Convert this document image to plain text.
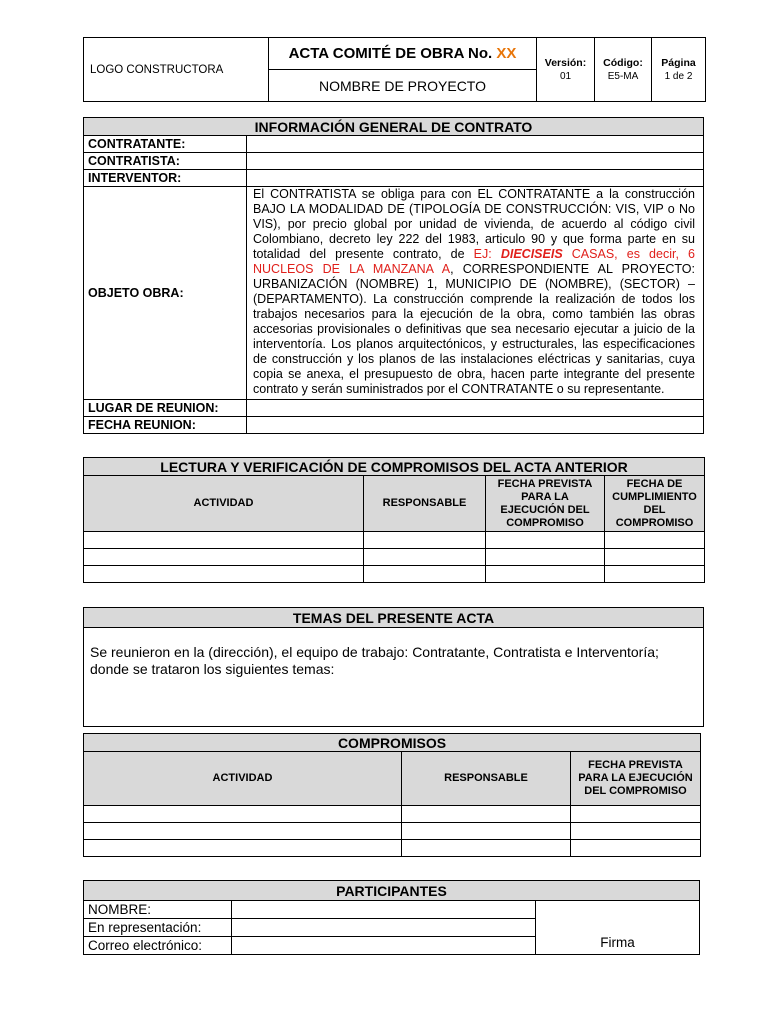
LOGO CONSTRUCTORA	ACTA COMITÉ DE OBRA No. XX	Versión:
01	Código:
E5-MA	Página
1 de 2
NOMBRE DE PROYECTO
INFORMACIÓN GENERAL DE CONTRATO	
CONTRATANTE:	
CONTRATISTA:	
INTERVENTOR:	
OBJETO OBRA:	El CONTRATISTA se obliga para con EL CONTRATANTE a la construcción BAJO LA MODALIDAD DE (TIPOLOGÍA DE CONSTRUCCIÓN: VIS, VIP o No VIS), por precio global por unidad de vivienda, de acuerdo al código civil Colombiano, decreto ley 222 del 1983, articulo 90 y que forma parte en su totalidad del presente contrato, de EJ: DIECISEIS CASAS, es decir, 6 NUCLEOS DE LA MANZANA A, CORRESPONDIENTE AL PROYECTO: URBANIZACIÓN (NOMBRE) 1, MUNICIPIO DE (NOMBRE), (SECTOR) – (DEPARTAMENTO). La construcción comprende la realización de todos los trabajos necesarios para la ejecución de la obra, como también las obras accesorias provisionales o definitivas que sea necesario ejecutar a juicio de la interventoría. Los planos arquitectónicos, y estructurales, las especificaciones de construcción y los planos de las instalaciones eléctricas y sanitarias, cuya copia se anexa, el presupuesto de obra, hacen parte integrante del presente contrato y serán suministrados por el CONTRATANTE o su representante.
LUGAR DE REUNION:	
FECHA REUNION:	
LECTURA Y VERIFICACIÓN DE COMPROMISOS DEL ACTA ANTERIOR			
ACTIVIDAD	RESPONSABLE	FECHA PREVISTA PARA LA EJECUCIÓN DEL COMPROMISO	FECHA DE CUMPLIMIENTO DEL COMPROMISO

TEMAS DEL PRESENTE ACTA
Se reunieron en la (dirección), el equipo de trabajo: Contratante, Contratista e Interventoría; donde se trataron los siguientes temas:
COMPROMISOS		
ACTIVIDAD	RESPONSABLE	FECHA PREVISTA PARA LA EJECUCIÓN DEL COMPROMISO

PARTICIPANTES		
NOMBRE:		Firma
En representación:		
Correo electrónico:		
